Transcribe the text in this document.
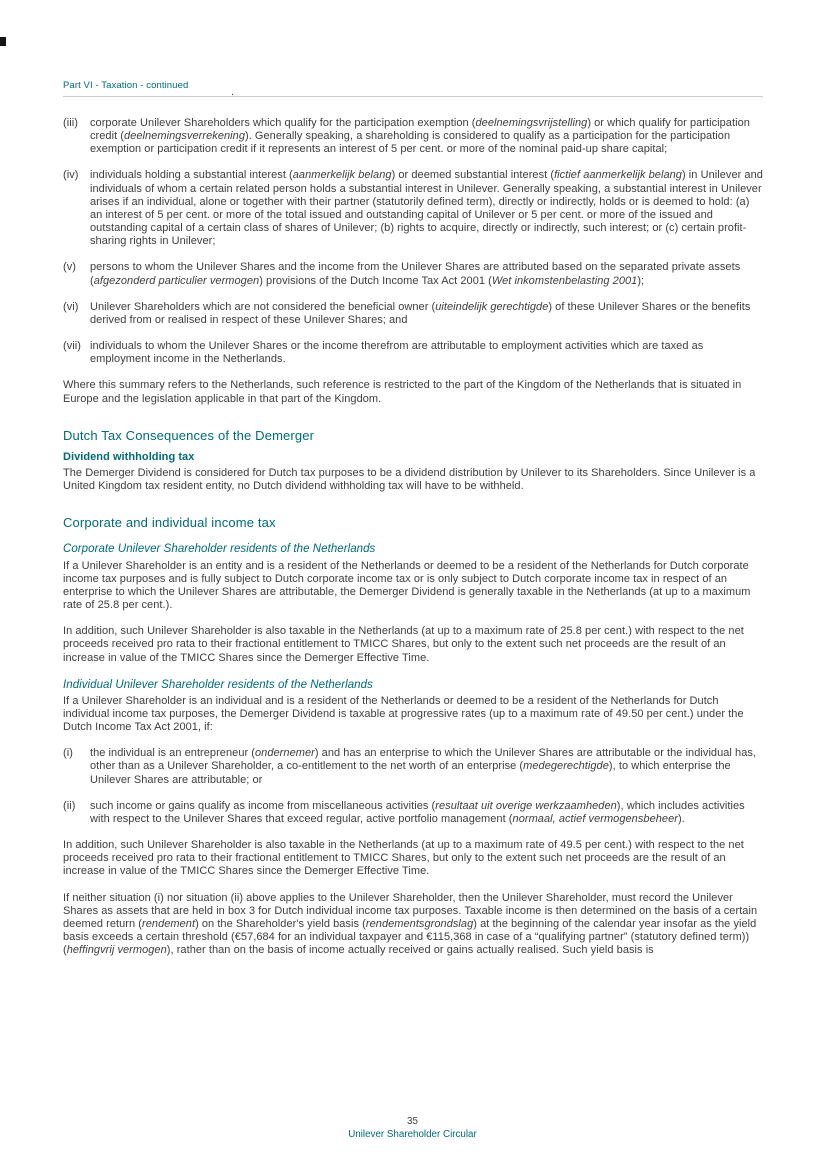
Part VI - Taxation - continued
.
(iii)	corporate Unilever Shareholders which qualify for the participation exemption (deelnemingsvrijstelling) or which qualify for participation credit (deelnemingsverrekening). Generally speaking, a shareholding is considered to qualify as a participation for the participation exemption or participation credit if it represents an interest of 5 per cent. or more of the nominal paid-up share capital;
(iv)	individuals holding a substantial interest (aanmerkelijk belang) or deemed substantial interest (fictief aanmerkelijk belang) in Unilever and individuals of whom a certain related person holds a substantial interest in Unilever. Generally speaking, a substantial interest in Unilever arises if an individual, alone or together with their partner (statutorily defined term), directly or indirectly, holds or is deemed to hold: (a) an interest of 5 per cent. or more of the total issued and outstanding capital of Unilever or 5 per cent. or more of the issued and outstanding capital of a certain class of shares of Unilever; (b) rights to acquire, directly or indirectly, such interest; or (c) certain profit-sharing rights in Unilever;
(v)	persons to whom the Unilever Shares and the income from the Unilever Shares are attributed based on the separated private assets (afgezonderd particulier vermogen) provisions of the Dutch Income Tax Act 2001 (Wet inkomstenbelasting 2001);
(vi)	Unilever Shareholders which are not considered the beneficial owner (uiteindelijk gerechtigde) of these Unilever Shares or the benefits derived from or realised in respect of these Unilever Shares; and
(vii) individuals to whom the Unilever Shares or the income therefrom are attributable to employment activities which are taxed as employment income in the Netherlands.

Where this summary refers to the Netherlands, such reference is restricted to the part of the Kingdom of the Netherlands that is situated in Europe and the legislation applicable in that part of the Kingdom.

Dutch Tax Consequences of the Demerger
Dividend withholding tax

The Demerger Dividend is considered for Dutch tax purposes to be a dividend distribution by Unilever to its Shareholders. Since Unilever is a United Kingdom tax resident entity, no Dutch dividend withholding tax will have to be withheld.

Corporate and individual income tax
Corporate Unilever Shareholder residents of the Netherlands

If a Unilever Shareholder is an entity and is a resident of the Netherlands or deemed to be a resident of the Netherlands for Dutch corporate income tax purposes and is fully subject to Dutch corporate income tax or is only subject to Dutch corporate income tax in respect of an enterprise to which the Unilever Shares are attributable, the Demerger Dividend is generally taxable in the Netherlands (at up to a maximum rate of 25.8 per cent.).

In addition, such Unilever Shareholder is also taxable in the Netherlands (at up to a maximum rate of 25.8 per cent.) with respect to the net proceeds received pro rata to their fractional entitlement to TMICC Shares, but only to the extent such net proceeds are the result of an increase in value of the TMICC Shares since the Demerger Effective Time.

Individual Unilever Shareholder residents of the Netherlands

If a Unilever Shareholder is an individual and is a resident of the Netherlands or deemed to be a resident of the Netherlands for Dutch individual income tax purposes, the Demerger Dividend is taxable at progressive rates (up to a maximum rate of 49.50 per cent.) under the Dutch Income Tax Act 2001, if:

(i)	the individual is an entrepreneur (ondernemer) and has an enterprise to which the Unilever Shares are attributable or the individual has, other than as a Unilever Shareholder, a co-entitlement to the net worth of an enterprise (medegerechtigde), to which enterprise the Unilever Shares are attributable; or
(ii)	such income or gains qualify as income from miscellaneous activities (resultaat uit overige werkzaamheden), which includes activities with respect to the Unilever Shares that exceed regular, active portfolio management (normaal, actief vermogensbeheer).

In addition, such Unilever Shareholder is also taxable in the Netherlands (at up to a maximum rate of 49.5 per cent.) with respect to the net proceeds received pro rata to their fractional entitlement to TMICC Shares, but only to the extent such net proceeds are the result of an increase in value of the TMICC Shares since the Demerger Effective Time.

If neither situation (i) nor situation (ii) above applies to the Unilever Shareholder, then the Unilever Shareholder, must record the Unilever Shares as assets that are held in box 3 for Dutch individual income tax purposes. Taxable income is then determined on the basis of a certain deemed return (rendement) on the Shareholder's yield basis (rendementsgrondslag) at the beginning of the calendar year insofar as the yield basis exceeds a certain threshold (€57,684 for an individual taxpayer and €115,368 in case of a “qualifying partner” (statutory defined term)) (heffingvrij vermogen), rather than on the basis of income actually received or gains actually realised. Such yield basis is

35
Unilever Shareholder Circular
